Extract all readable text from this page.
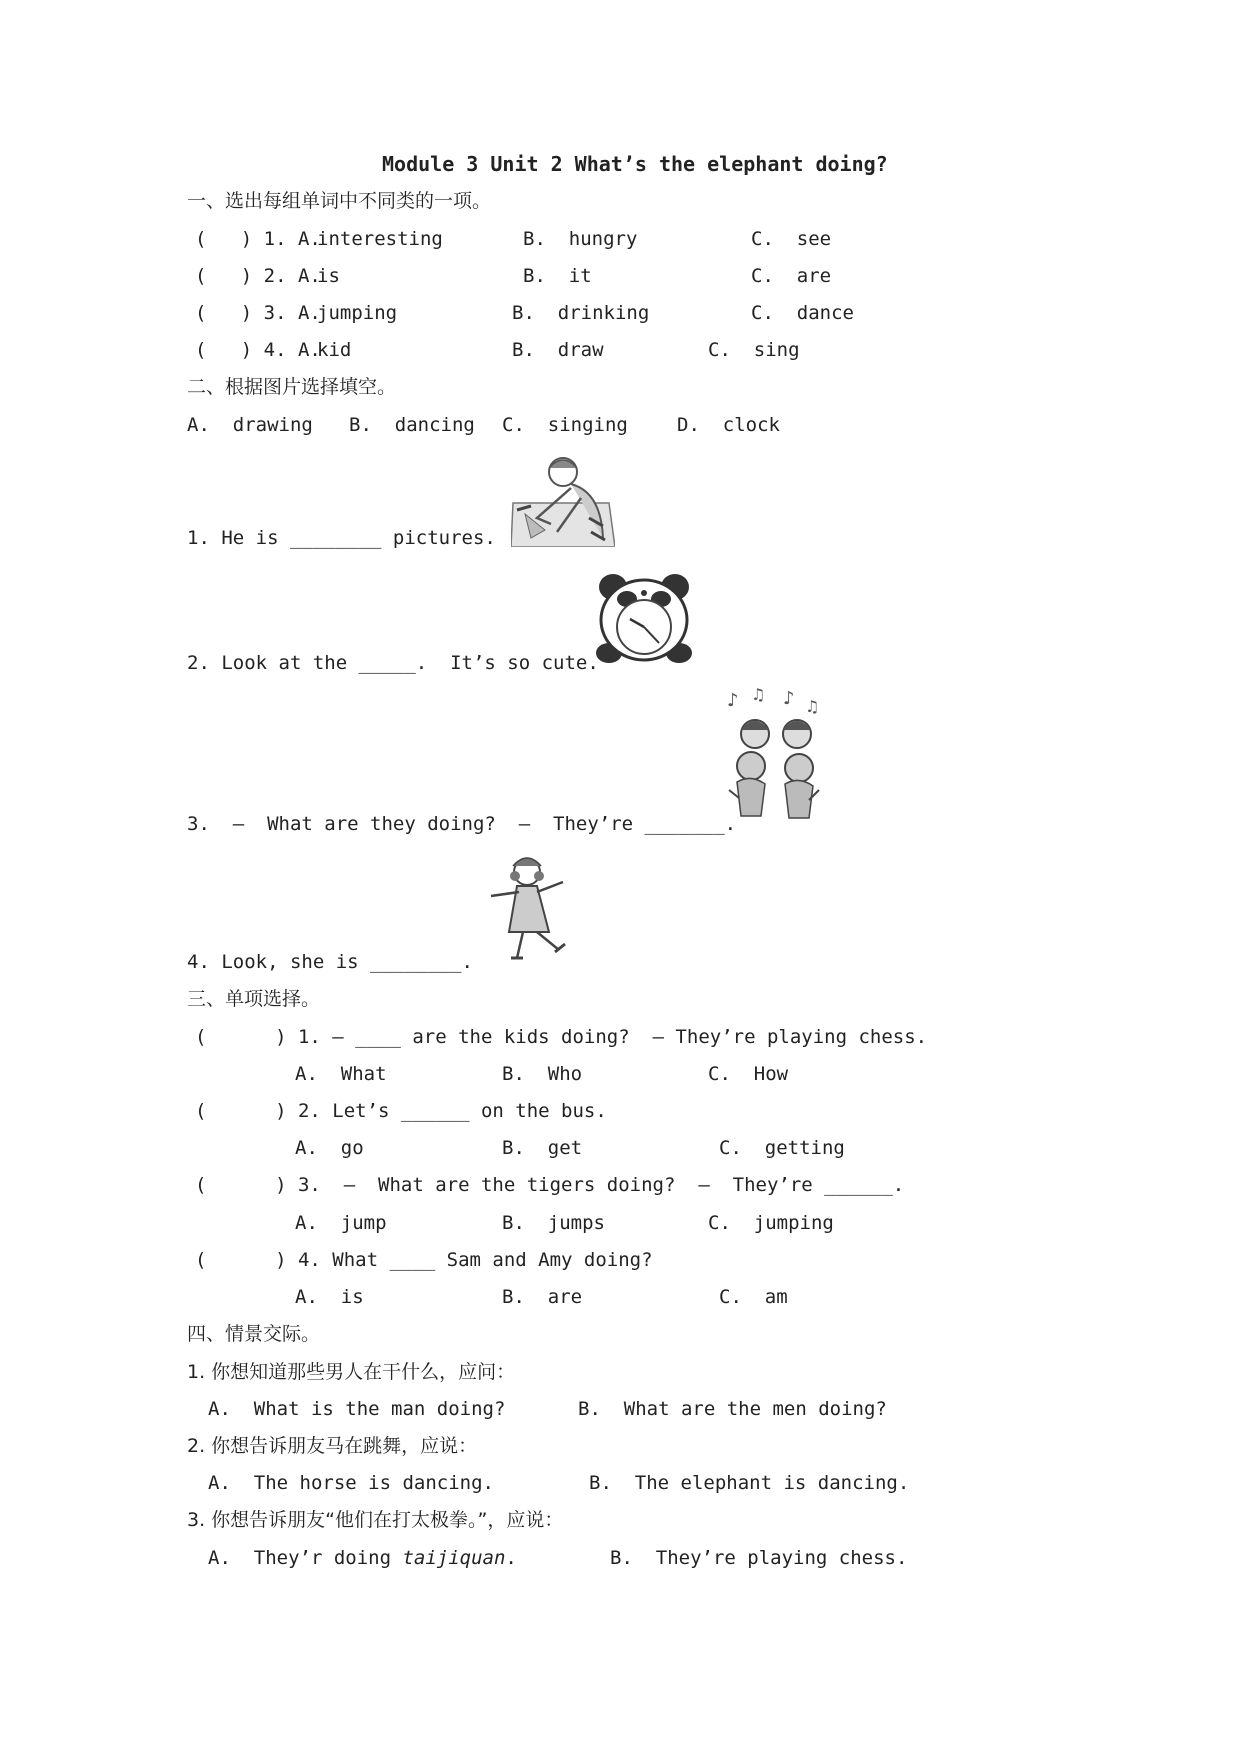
Module 3 Unit 2 What’s the elephant doing?
一、选出每组单词中不同类的一项。
(   ) 1. A.
interesting	B.  hungry	C.  see
(   ) 2. A.
is	B.  it	C.  are
(   ) 3. A.
jumping	B.  drinking	C.  dance
(   ) 4. A.
kid	B.  draw	C.  sing
二、根据图片选择填空。
A.  drawing B.  dancing C.  singing	D.  clock
1. He is ________ pictures.
2. Look at the _____.  It’s so cute.
♪ ♫ ♪ ♫
3.  –  What are they doing?  –  They’re _______.
4. Look, she is ________.
三、单项选择。
(      ) 1. – ____ are the kids doing?  – They’re playing chess.
A.  What	B.  Who	C.  How
(      ) 2. Let’s ______ on the bus.
A.  go	B.  get	C.  getting
(      ) 3.  –  What are the tigers doing?  –  They’re ______.
A.  jump	B.  jumps	C.  jumping
(      ) 4. What ____ Sam and Amy doing?
A.  is	B.  are	C.  am
四、情景交际。
1. 你想知道那些男人在干什么，应问：
A.  What is the man doing?	B.  What are the men doing?
2. 你想告诉朋友马在跳舞，应说：
A.  The horse is dancing.	B.  The elephant is dancing.
3. 你想告诉朋友“他们在打太极拳。”，应说：
A.  They’r doing taijiquan.	B.  They’re playing chess.
